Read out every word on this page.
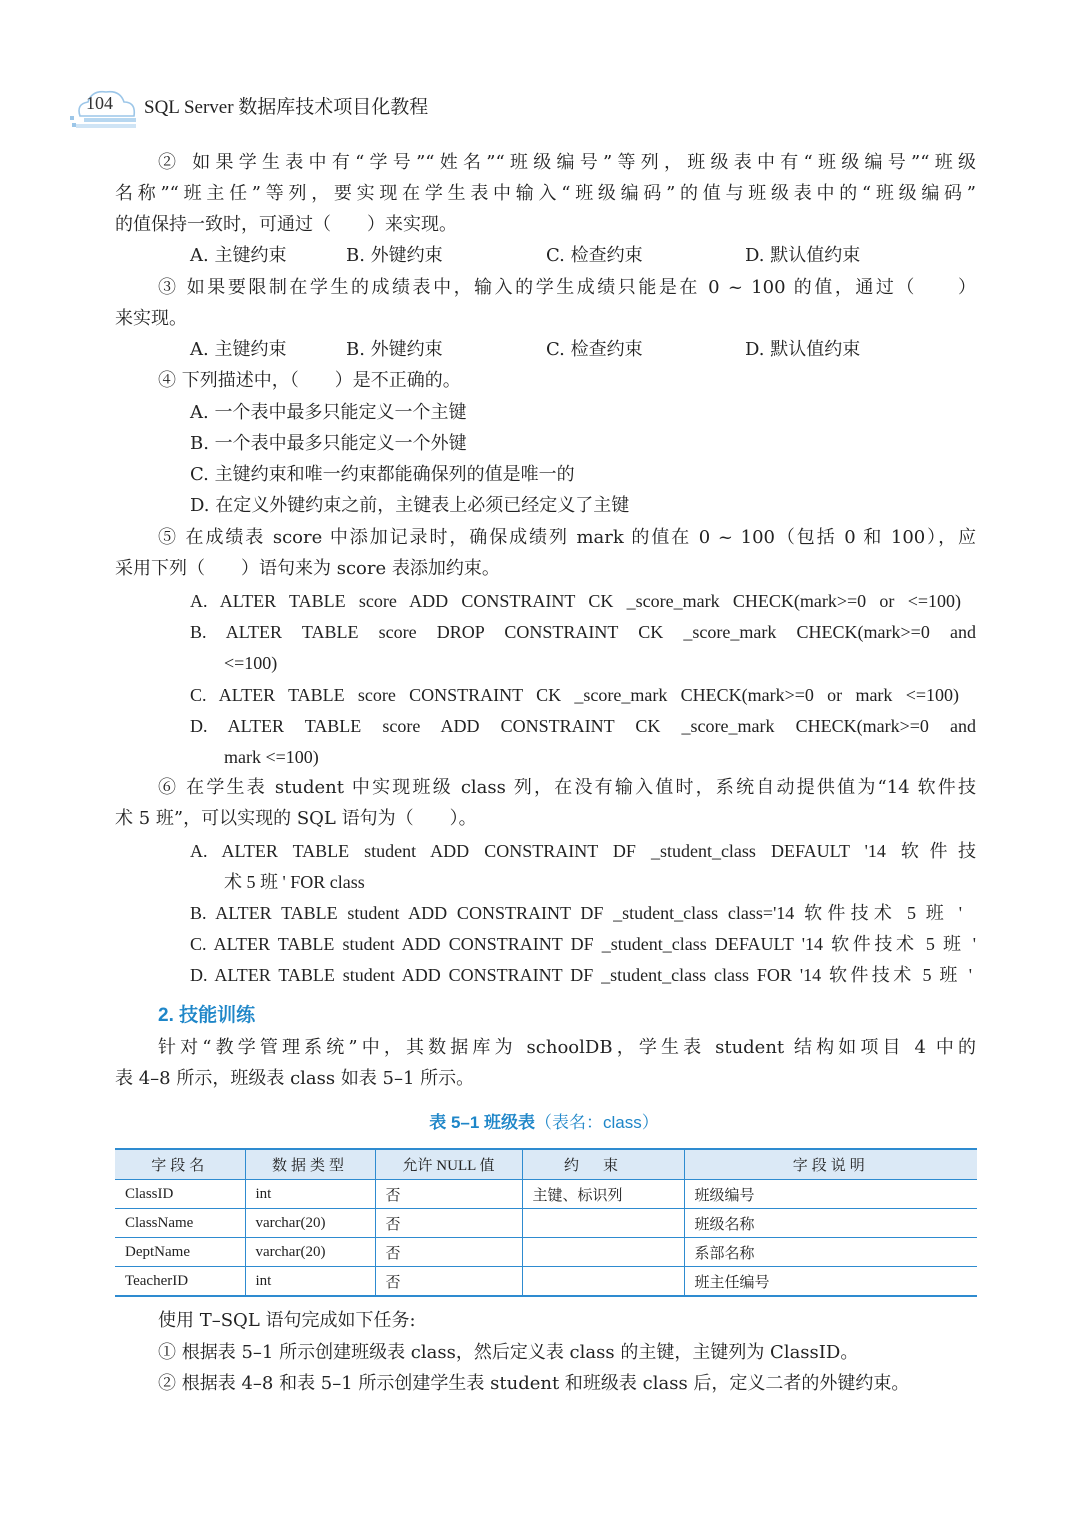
104 SQL Server 数据库技术项目化教程
② 如果学生表中有“学号”“姓名”“班级编号”等列，班级表中有“班级编号”“班级
名称”“班主任”等列，要实现在学生表中输入“班级编码”的值与班级表中的“班级编码”
的值保持一致时，可通过（　　）来实现。
A. 主键约束	B. 外键约束	C. 检查约束	D. 默认值约束
③ 如果要限制在学生的成绩表中，输入的学生成绩只能是在 0 ~ 100 的值，通过（　　）
来实现。
A. 主键约束	B. 外键约束	C. 检查约束	D. 默认值约束
④ 下列描述中，（　　）是不正确的。
A. 一个表中最多只能定义一个主键
B. 一个表中最多只能定义一个外键
C. 主键约束和唯一约束都能确保列的值是唯一的
D. 在定义外键约束之前，主键表上必须已经定义了主键
⑤ 在成绩表 score 中添加记录时，确保成绩列 mark 的值在 0 ~ 100（包括 0 和 100），应
采用下列（　　）语句来为 score 表添加约束。
A. ALTER TABLE score ADD CONSTRAINT CK _score_mark CHECK(mark>=0 or <=100)
B. ALTER TABLE score DROP CONSTRAINT CK _score_mark CHECK(mark>=0 and
<=100)
C. ALTER TABLE score CONSTRAINT CK _score_mark CHECK(mark>=0 or mark <=100)
D. ALTER TABLE score ADD CONSTRAINT CK _score_mark CHECK(mark>=0 and
mark <=100)
⑥ 在学生表 student 中实现班级 class 列，在没有输入值时，系统自动提供值为“14 软件技
术 5 班”，可以实现的 SQL 语句为（　　）。
A. ALTER TABLE student ADD CONSTRAINT DF _student_class DEFAULT '14 软件技
术 5 班 ' FOR class
B. ALTER TABLE student ADD CONSTRAINT DF _student_class class='14 软件技术 5 班 '
C. ALTER TABLE student ADD CONSTRAINT DF _student_class DEFAULT '14 软件技术 5 班 '
D. ALTER TABLE student ADD CONSTRAINT DF _student_class class FOR '14 软件技术 5 班 '
2. 技能训练
针对“教学管理系统”中，其数据库为 schoolDB，学生表 student 结构如项目 4 中的
表 4–8 所示，班级表 class 如表 5–1 所示。
表 5–1 班级表（表名：class）
字段名	数据类型	允许 NULL 值	约束	字段说明
ClassID	int	否	主键、标识列	班级编号
ClassName	varchar(20)	否		班级名称
DeptName	varchar(20)	否		系部名称
TeacherID	int	否		班主任编号
使用 T–SQL 语句完成如下任务:
① 根据表 5–1 所示创建班级表 class，然后定义表 class 的主键，主键列为 ClassID。
② 根据表 4–8 和表 5–1 所示创建学生表 student 和班级表 class 后，定义二者的外键约束。
